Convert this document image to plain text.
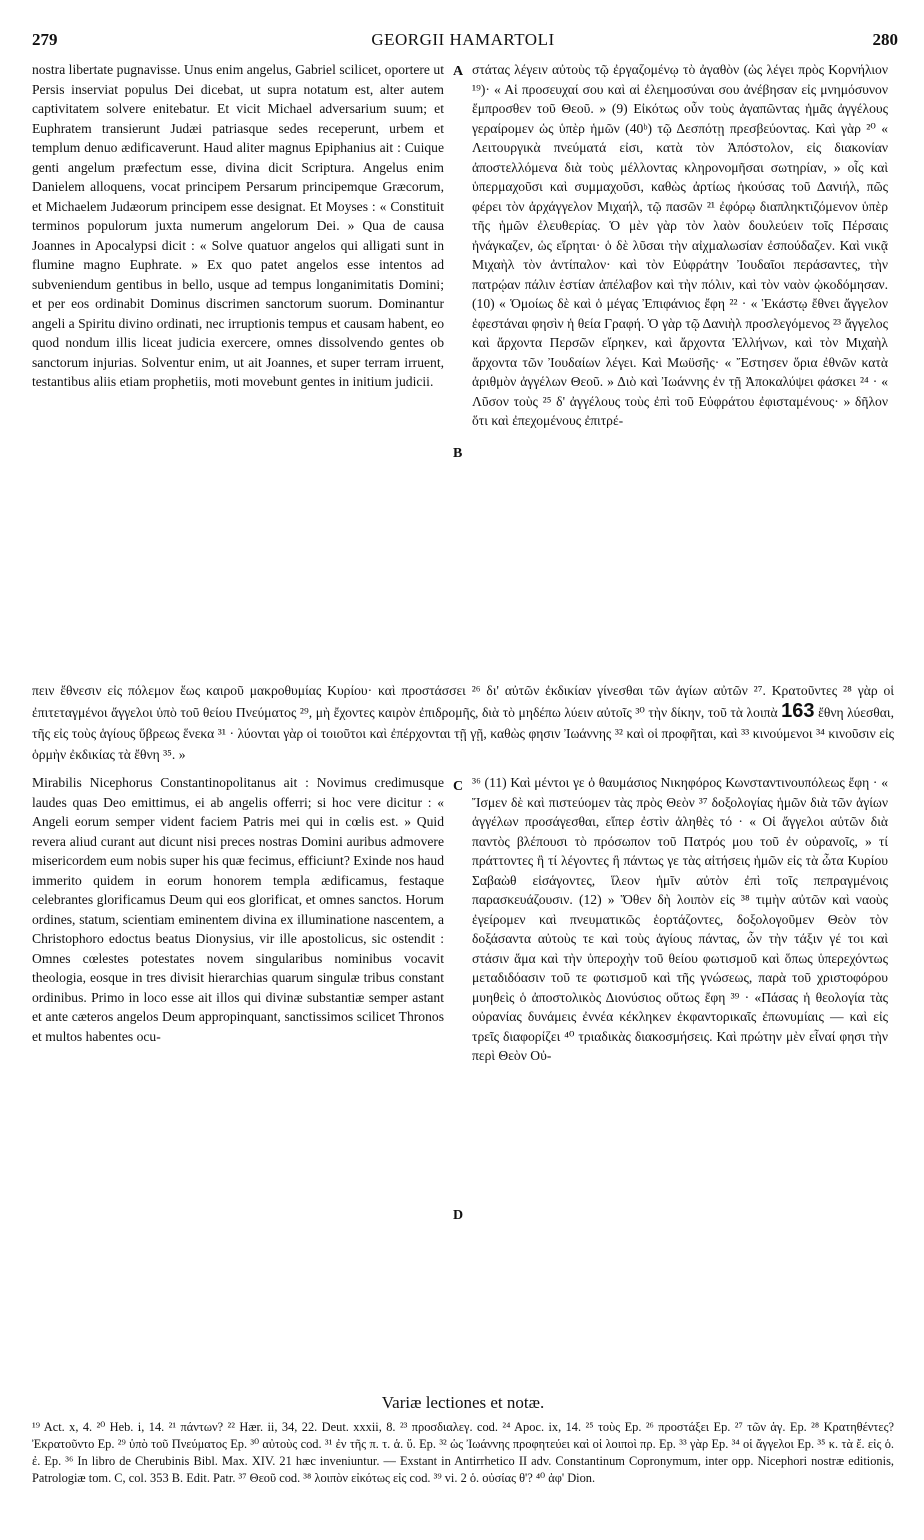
279	GEORGII HAMARTOLI	280

nostra libertate pugnavisse. Unus enim angelus, Gabriel scilicet, oportere ut Persis inserviat populus Dei dicebat, ut supra notatum est, alter autem captivitatem solvere enitebatur. Et vicit Michael adversarium suum; et Euphratem transierunt Judæi patriasque sedes receperunt, urbem et templum denuo ædificaverunt. Haud aliter magnus Epiphanius ait : Cuique genti angelum præfectum esse, divina dicit Scriptura. Angelus enim Danielem alloquens, vocat principem Persarum principemque Græcorum, et Michaelem Judæorum principem esse designat. Et Moyses : « Constituit terminos populorum juxta numerum angelorum Dei. » Qua de causa Joannes in Apocalypsi dicit : « Solve quatuor angelos qui alligati sunt in flumine magno Euphrate. » Ex quo patet angelos esse intentos ad subveniendum gentibus in bello, usque ad tempus longanimitatis Domini; et per eos ordinabit Dominus discrimen sanctorum suorum. Dominantur angeli a Spiritu divino ordinati, nec irruptionis tempus et causam habent, eo quod nondum illis liceat judicia exercere, omnes dissolvendo gentes ob sanctorum injurias. Solventur enim, ut ait Joannes, et super terram irruent, testantibus aliis etiam prophetiis, moti movebunt gentes in initium judicii.

στάτας λέγειν αὐτοὺς τῷ ἐργαζομένῳ τὸ ἀγαθὸν (ὡς λέγει πρὸς Κορνήλιον ¹⁹)· « Αἱ προσευχαί σου καὶ αἱ ἐλεημοσύναι σου ἀνέβησαν εἰς μνημόσυνον ἔμπροσθεν τοῦ Θεοῦ. » (9) Εἰκότως οὖν τοὺς ἀγαπῶντας ἡμᾶς ἀγγέλους γεραίρομεν ὡς ὑπὲρ ἡμῶν (40ᵇ) τῷ Δεσπότῃ πρεσβεύοντας. Καὶ γὰρ ²⁰ « Λειτουργικὰ πνεύματά εἰσι, κατὰ τὸν Ἀπόστολον, εἰς διακονίαν ἀποστελλόμενα διὰ τοὺς μέλλοντας κληρονομῆσαι σωτηρίαν, » οἷς καὶ ὑπερμαχοῦσι καὶ συμμαχοῦσι, καθὼς ἀρτίως ἠκούσας τοῦ Δανιήλ, πῶς φέρει τὸν ἀρχάγγελον Μιχαήλ, τῷ πασῶν ²¹ ἐφόρῳ διαπληκτιζόμενον ὑπὲρ τῆς ἡμῶν ἐλευθερίας. Ὁ μὲν γὰρ τὸν λαὸν δουλεύειν τοῖς Πέρσαις ἠνάγκαζεν, ὡς εἴρηται· ὁ δὲ λῦσαι τὴν αἰχμαλωσίαν ἐσπούδαζεν. Καὶ νικᾷ Μιχαὴλ τὸν ἀντίπαλον· καὶ τὸν Εὐφράτην Ἰουδαῖοι περάσαντες, τὴν πατρῴαν πάλιν ἑστίαν ἀπέλαβον καὶ τὴν πόλιν, καὶ τὸν ναὸν ᾠκοδόμησαν. (10) « Ὁμοίως δὲ καὶ ὁ μέγας Ἐπιφάνιος ἔφη ²² · « Ἑκάστῳ ἔθνει ἄγγελον ἐφεστάναι φησὶν ἡ θεία Γραφή. Ὁ γὰρ τῷ Δανιὴλ προσλεγόμενος ²³ ἄγγελος καὶ ἄρχοντα Περσῶν εἴρηκεν, καὶ ἄρχοντα Ἑλλήνων, καὶ τὸν Μιχαὴλ ἄρχοντα τῶν Ἰουδαίων λέγει. Καὶ Μωϋσῆς· « Ἔστησεν ὅρια ἐθνῶν κατὰ ἀριθμὸν ἀγγέλων Θεοῦ. » Διὸ καὶ Ἰωάννης ἐν τῇ Ἀποκαλύψει φάσκει ²⁴ · « Λῦσον τοὺς ²⁵ δ' ἀγγέλους τοὺς ἐπὶ τοῦ Εὐφράτου ἐφισταμένους· » δῆλον ὅτι καὶ ἐπεχομένους ἐπιτρέ-

A
B
πειν ἔθνεσιν εἰς πόλεμον ἕως καιροῦ μακροθυμίας Κυρίου· καὶ προστάσσει ²⁶ δι' αὐτῶν ἐκδικίαν γίνεσθαι τῶν ἁγίων αὐτῶν ²⁷. Κρατοῦντες ²⁸ γὰρ οἱ ἐπιτεταγμένοι ἄγγελοι ὑπὸ τοῦ θείου Πνεύματος ²⁹, μὴ ἔχοντες καιρὸν ἐπιδρομῆς, διὰ τὸ μηδέπω λύειν αὐτοῖς ³⁰ τὴν δίκην, τοῦ τὰ λοιπὰ 163 ἔθνη λύεσθαι, τῆς εἰς τοὺς ἁγίους ὕβρεως ἕνεκα ³¹ · λύονται γὰρ οἱ τοιοῦτοι καὶ ἐπέρχονται τῇ γῇ, καθὼς φησιν Ἰωάννης ³² καὶ οἱ προφῆται, καὶ ³³ κινούμενοι ³⁴ κινοῦσιν εἰς ὁρμὴν ἐκδικίας τὰ ἔθνη ³⁵. »

Mirabilis Nicephorus Constantinopolitanus ait : Novimus credimusque laudes quas Deo emittimus, ei ab angelis offerri; si hoc vere dicitur : « Angeli eorum semper vident faciem Patris mei qui in cœlis est. » Quid revera aliud curant aut dicunt nisi preces nostras Domini auribus admovere misericordem eum nobis super his quæ fecimus, efficiunt? Exinde nos haud immerito quidem in eorum honorem templa ædificamus, festaque celebrantes glorificamus Deum qui eos glorificat, et omnes sanctos. Horum ordines, statum, scientiam eminentem divina ex illuminatione nascentem, a Christophoro edoctus beatus Dionysius, vir ille apostolicus, sic ostendit : Omnes cœlestes potestates novem singularibus nominibus vocavit theologia, eosque in tres divisit hierarchias quarum singulæ tribus constant ordinibus. Primo in loco esse ait illos qui divinæ substantiæ semper astant et ante cæteros angelos Deum appropinquant, sanctissimos scilicet Thronos et multos habentes ocu-

³⁶ (11) Καὶ μέντοι γε ὁ θαυμάσιος Νικηφόρος Κωνσταντινουπόλεως ἔφη · « Ἴσμεν δὲ καὶ πιστεύομεν τὰς πρὸς Θεὸν ³⁷ δοξολογίας ἡμῶν διὰ τῶν ἁγίων ἀγγέλων προσάγεσθαι, εἴπερ ἐστὶν ἀληθὲς τό · « Οἱ ἄγγελοι αὐτῶν διὰ παντὸς βλέπουσι τὸ πρόσωπον τοῦ Πατρός μου τοῦ ἐν οὐρανοῖς, » τί πράττοντες ἢ τί λέγοντες ἢ πάντως γε τὰς αἰτήσεις ἡμῶν εἰς τὰ ὦτα Κυρίου Σαβαὼθ εἰσάγοντες, ἵλεον ἡμῖν αὐτὸν ἐπὶ τοῖς πεπραγμένοις παρασκευάζουσιν. (12) » Ὅθεν δὴ λοιπὸν εἰς ³⁸ τιμὴν αὐτῶν καὶ ναοὺς ἐγείρομεν καὶ πνευματικῶς ἑορτάζοντες, δοξολογοῦμεν Θεὸν τὸν δοξάσαντα αὐτοὺς τε καὶ τοὺς ἁγίους πάντας, ὧν τὴν τάξιν γέ τοι καὶ στάσιν ἅμα καὶ τὴν ὑπεροχὴν τοῦ θείου φωτισμοῦ καὶ ὅπως ὑπερεχόντως μεταδιδόασιν τοῦ τε φωτισμοῦ καὶ τῆς γνώσεως, παρὰ τοῦ χριστοφόρου μυηθεὶς ὁ ἀποστολικὸς Διονύσιος οὕτως ἔφη ³⁹ · «Πάσας ἡ θεολογία τὰς οὐρανίας δυνάμεις ἐννέα κέκληκεν ἐκφαντορικαῖς ἐπωνυμίαις — καὶ εἰς τρεῖς διαφορίζει ⁴⁰ τριαδικὰς διακοσμήσεις. Καὶ πρώτην μὲν εἶναί φησι τὴν περὶ Θεὸν Οὐ-

C
D
Variæ lectiones et notæ.

¹⁹ Act. x, 4. ²⁰ Heb. i, 14. ²¹ πάντων? ²² Hær. ii, 34, 22. Deut. xxxii, 8. ²³ προσδιαλεγ. cod. ²⁴ Apoc. ix, 14. ²⁵ τοὺς Ep. ²⁶ προστάξει Ep. ²⁷ τῶν ἁγ. Ep. ²⁸ Κρατηθέντες? Ἐκρατοῦντο Ep. ²⁹ ὑπὸ τοῦ Πνεύματος Ep. ³⁰ αὐτοὺς cod. ³¹ ἐν τῆς π. τ. ἁ. ὕ. Ep. ³² ὡς Ἰωάννης προφητεύει καὶ οἱ λοιποὶ πρ. Ep. ³³ γὰρ Ep. ³⁴ οἱ ἄγγελοι Ep. ³⁵ κ. τὰ ἔ. εἰς ὁ. ἐ. Ep. ³⁶ In libro de Cherubinis Bibl. Max. XIV. 21 hæc inveniuntur. — Exstant in Antirrhetico II adv. Constantinum Copronymum, inter opp. Nicephori nostræ editionis, Patrologiæ tom. C, col. 353 B. Edit. Patr. ³⁷ Θεοῦ cod. ³⁸ λοιπὸν εἰκότως εἰς cod. ³⁹ vi. 2 ὁ. οὐσίας θ'? ⁴⁰ ἀφ' Dion.
